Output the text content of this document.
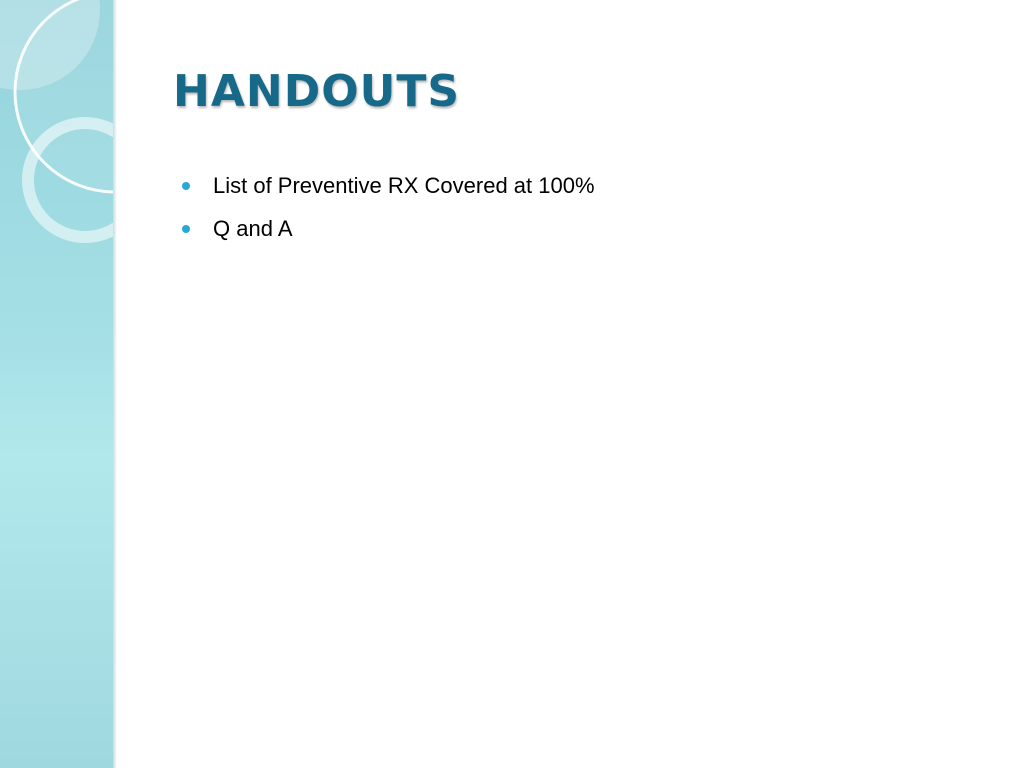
HANDOUTS
List of Preventive RX Covered at 100%
Q and A
